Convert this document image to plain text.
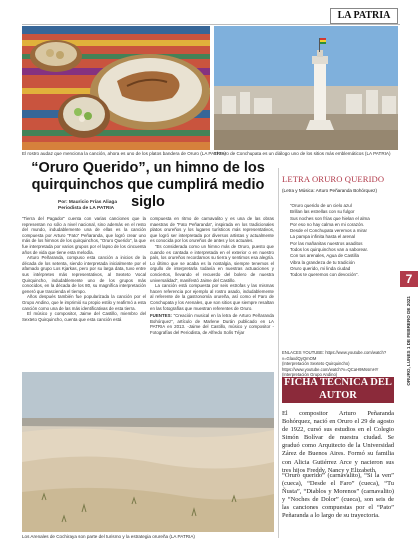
LA PATRIA
El rostro audaz que menciona la canción, ahora es uno de los platos bandera de Oruro (LA PATRIA)
El Faro de Conchupata es un diálogo uno de los sitios más emblemáticos (LA PATRIA)
“Oruro Querido”, un himno de los quirquinchos que cumplirá medio siglo
Por: Mauricio Frías Aliaga
Periodista de LA PATRIA

“Tierra del Pagador” cuenta con varias canciones que la representan no sólo a nivel nacional, sino además en el resto del mundo, indudablemente una de ellas es la canción compuesta por Arturo “Fato” Peñaranda, que logró crear uno más de los himnos de los quirquinchos, “Oruro Querido”, la que fue interpretada por varios grupos por el lapso de los cincuenta años de vida que tiene esta melodía.

Arturo Peñaranda, compuso esta canción a inicios de la década de los setenta, siendo interpretada inicialmente por el afamado grupo Los Kjarkas, pero por su larga data, tuvo entre sus intérpretes más representativos, al Sexteto Vocal Quirquincho, indudablemente uno de los grupos más conocidos, en la década de los 80, su magnífica interpretación generó que trascienda el tiempo.

Años después también fue popularizada la canción por el Grupo Andino, que le imprimió su propio estilo y reafirmó a esta canción como una de las más identificativas de esta tierra.

El músico y compositor, Jaime del Castillo, miembro del Sexteto Quirquincho, cuenta que esta canción está

compuesta en ritmo de carnavalito y es una de las obras maestras de “Fato Peñaranda”, inspirada en los tradicionales platos orureños y los lugares turísticos más representativos, que logró ser interpretada por diversos artistas y actualmente es conocida por los orureños de antes y los actuales.

“Es considerada como un himno más de Oruro, puesto que cuando es cantada e interpretada en el exterior o en nuestro país, los orureños recordamos su tierra y sentimos esa alegría. Lo último que se acaba es la nostalgia, siempre tenemos el orgullo de interpretarla todavía en nuestras actuaciones y conciertos, llevando el recuerdo del bolero de nuestra universalidad”, manifestó Jaime del Castillo.

La canción está compuesta por seis estrofas y las mismas hacen referencia por ejemplo al rostro asado, indudablemente al referente de la gastronomía orureña, así como el Faro de Conchupata y los Arenales, que son sitios que siempre resaltan en las fotografías que muestran referentes de Oruro.

FUENTES: “Creación musical en la letra de Arturo Peñaranda Bohórquez”, artículo de Marlene Durán publicado en LA PATRIA en 2013. -Jaime del Castillo, músico y compositor -Fotografías del Periodista, de Alfredo Solís Téjar

Los Arenales de Cochiraya son parte del turismo y la estrategia orureña (LA PATRIA)
LETRA ORURO QUERIDO
(Letra y Música: Arturo Peñaranda Bohórquez)
“Oruro querido de un cielo azul
Brillan las estrellas con su fulgor
Sus noches son frías que hielan el alma
Por eso no hay calma en mi corazón.
Desde el Conchupata veremos a mirar
La pampa infinita hasta el arenal
Por las mañanitas nuestros asaditos
Todos los quirquinchos van a saborear.
Con tus arenales, Agua de Castilla
Vibra la grandeza de tu tradición
Oruro querido, mi linda ciudad
Todos te queremos con devoción”.
ENLACES YOUTUBE: https://www.youtube.com/watch?v=GlaxdQyQmOM
(Interpretación Sexteto Quirquincho)
https://www.youtube.com/watch?v=QCaH9MssmHY
(Interpretación Grupo Andino)
FICHA TÉCNICA DEL AUTOR
El compositor Arturo Peñaranda Bohórquez, nació en Oruro el 29 de agosto de 1922, cursó sus estudios en el Colegio Simón Bolívar de nuestra ciudad. Se graduó como Arquitecto de la Universidad Zárez de Buenos Aires. Formó su familia con Alicia Gutiérrez Arce y nacieron sus tres hijos Freddy, Nancy y Elizabeth.
“Oruro querido” (carnavalito), “Si la ven” (cueca), “Desde el Faro” (cueca), “Tu Ñusta”, “Diablos y Morenos” (carnavalito) y “Noches de Dolor” (cueca), son seis de las canciones compuestas por el “Pato” Peñaranda a lo largo de su trayectoria.
7
ORURO, LUNES 1 DE FEBRERO DE 2021
